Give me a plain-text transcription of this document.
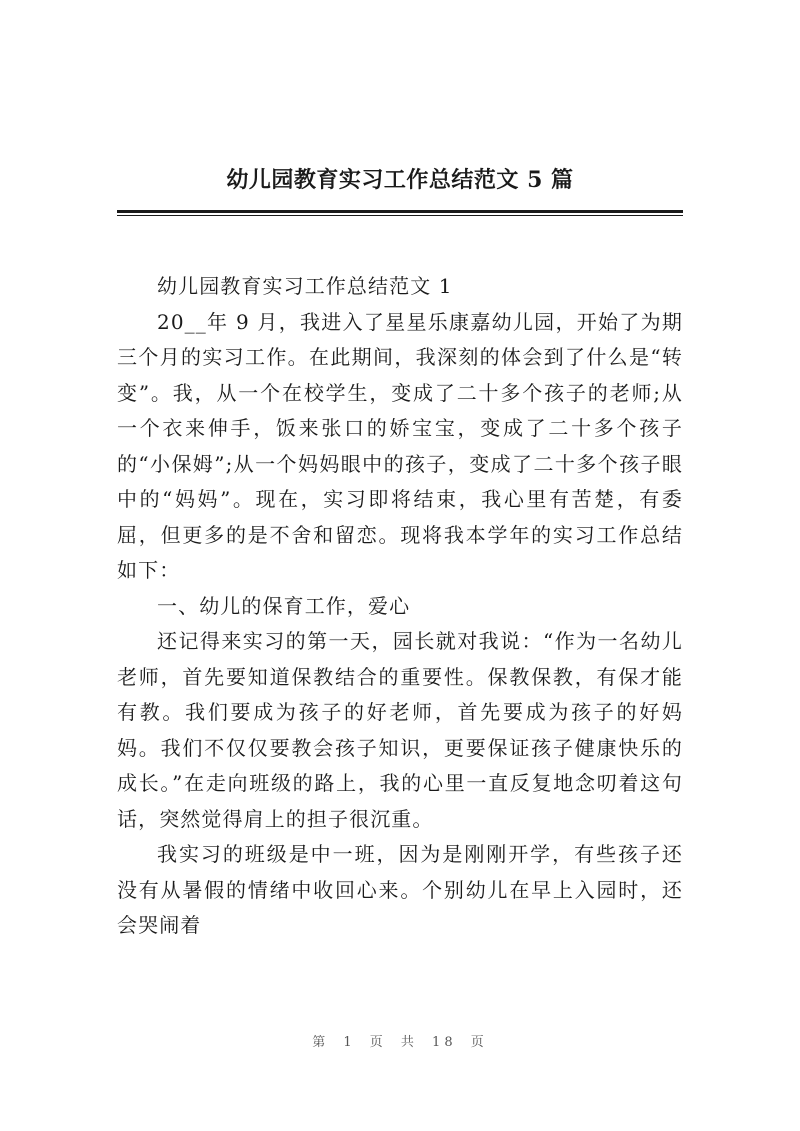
幼儿园教育实习工作总结范文 5 篇

幼儿园教育实习工作总结范文 1

20__年 9 月，我进入了星星乐康嘉幼儿园，开始了为期三个月的实习工作。在此期间，我深刻的体会到了什么是“转变”。我，从一个在校学生，变成了二十多个孩子的老师;从一个衣来伸手，饭来张口的娇宝宝，变成了二十多个孩子的“小保姆”;从一个妈妈眼中的孩子，变成了二十多个孩子眼中的“妈妈”。现在，实习即将结束，我心里有苦楚，有委屈，但更多的是不舍和留恋。现将我本学年的实习工作总结如下：

一、幼儿的保育工作，爱心

还记得来实习的第一天，园长就对我说：“作为一名幼儿老师，首先要知道保教结合的重要性。保教保教，有保才能有教。我们要成为孩子的好老师，首先要成为孩子的好妈妈。我们不仅仅要教会孩子知识，更要保证孩子健康快乐的成长。”在走向班级的路上，我的心里一直反复地念叨着这句话，突然觉得肩上的担子很沉重。

我实习的班级是中一班，因为是刚刚开学，有些孩子还没有从暑假的情绪中收回心来。个别幼儿在早上入园时，还会哭闹着

第 1 页 共 18 页
